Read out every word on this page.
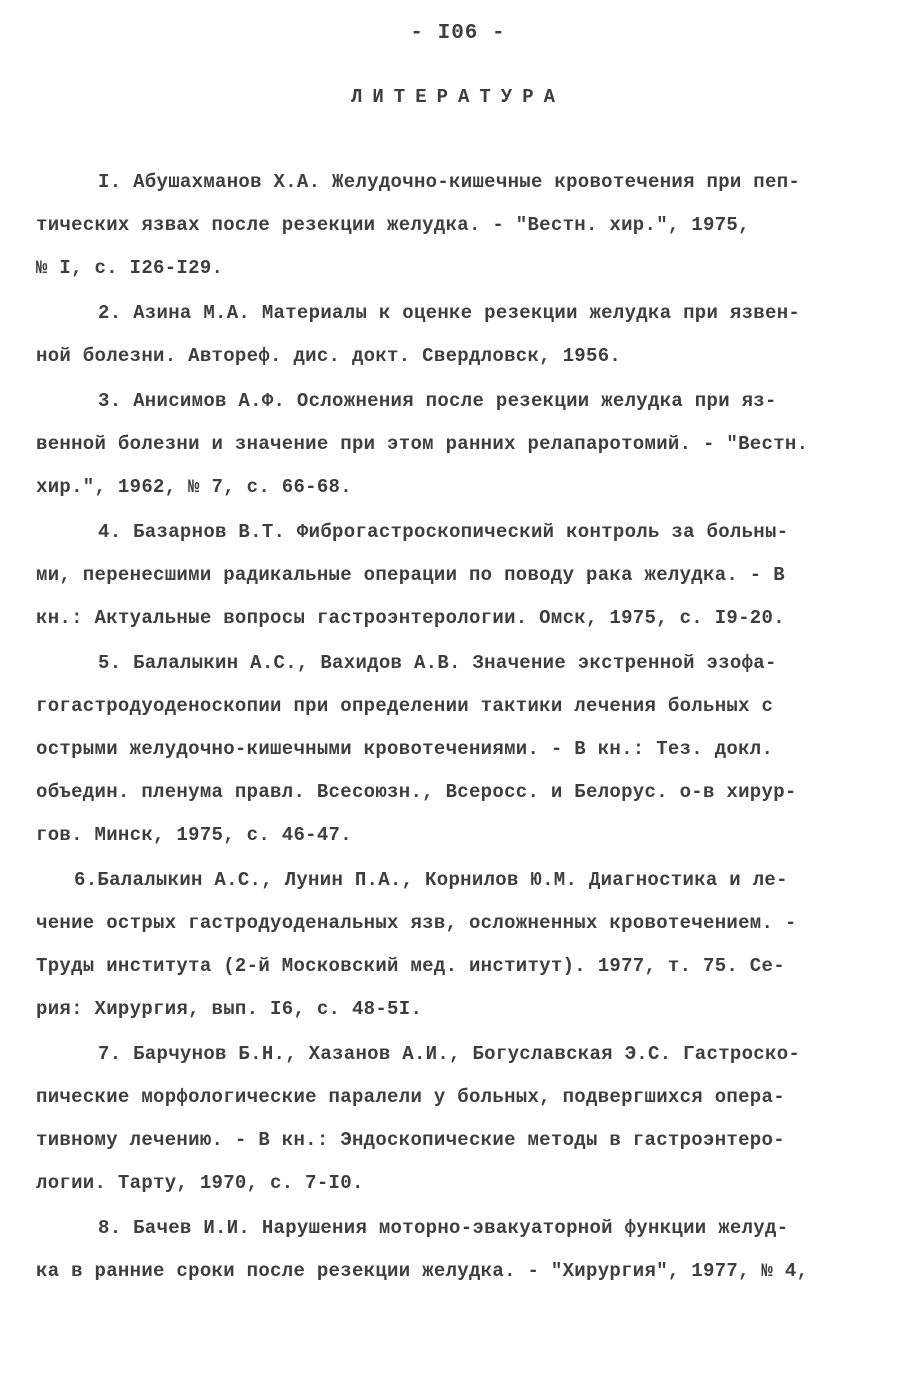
- I06 -
ЛИТЕРАТУРА
I. Абушахманов Х.А. Желудочно-кишечные кровотечения при пеп-
тических язвах после резекции желудка. - "Вестн. хир.", 1975,
№ I, с. I26-I29.
2. Азина М.А. Материалы к оценке резекции желудка при язвен-
ной болезни. Автореф. дис. докт. Свердловск, 1956.
3. Анисимов А.Ф. Осложнения после резекции желудка при яз-
венной болезни и значение при этом ранних релапаротомий. - "Вестн.
хир.", 1962, № 7, с. 66-68.
4. Базарнов В.Т. Фиброгастроскопический контроль за больны-
ми, перенесшими радикальные операции по поводу рака желудка. - В
кн.: Актуальные вопросы гастроэнтерологии. Омск, 1975, с. I9-20.
5. Балалыкин А.С., Вахидов А.В. Значение экстренной эзофа-
гогастродуоденоскопии при определении тактики лечения больных с
острыми желудочно-кишечными кровотечениями. - В кн.: Тез. докл.
объедин. пленума правл. Всесоюзн., Всеросс. и Белорус. о-в хирур-
гов. Минск, 1975, с. 46-47.
6.Балалыкин А.С., Лунин П.А., Корнилов Ю.М. Диагностика и ле-
чение острых гастродуоденальных язв, осложненных кровотечением. -
Труды института (2-й Московский мед. институт). 1977, т. 75. Се-
рия: Хирургия, вып. I6, с. 48-5I.
7. Барчунов Б.Н., Хазанов А.И., Богуславская Э.С. Гастроско-
пические морфологические паралели у больных, подвергшихся опера-
тивному лечению. - В кн.: Эндоскопические методы в гастроэнтеро-
логии. Тарту, 1970, с. 7-I0.
8. Бачев И.И. Нарушения моторно-эвакуаторной функции желуд-
ка в ранние сроки после резекции желудка. - "Хирургия", 1977, № 4,
